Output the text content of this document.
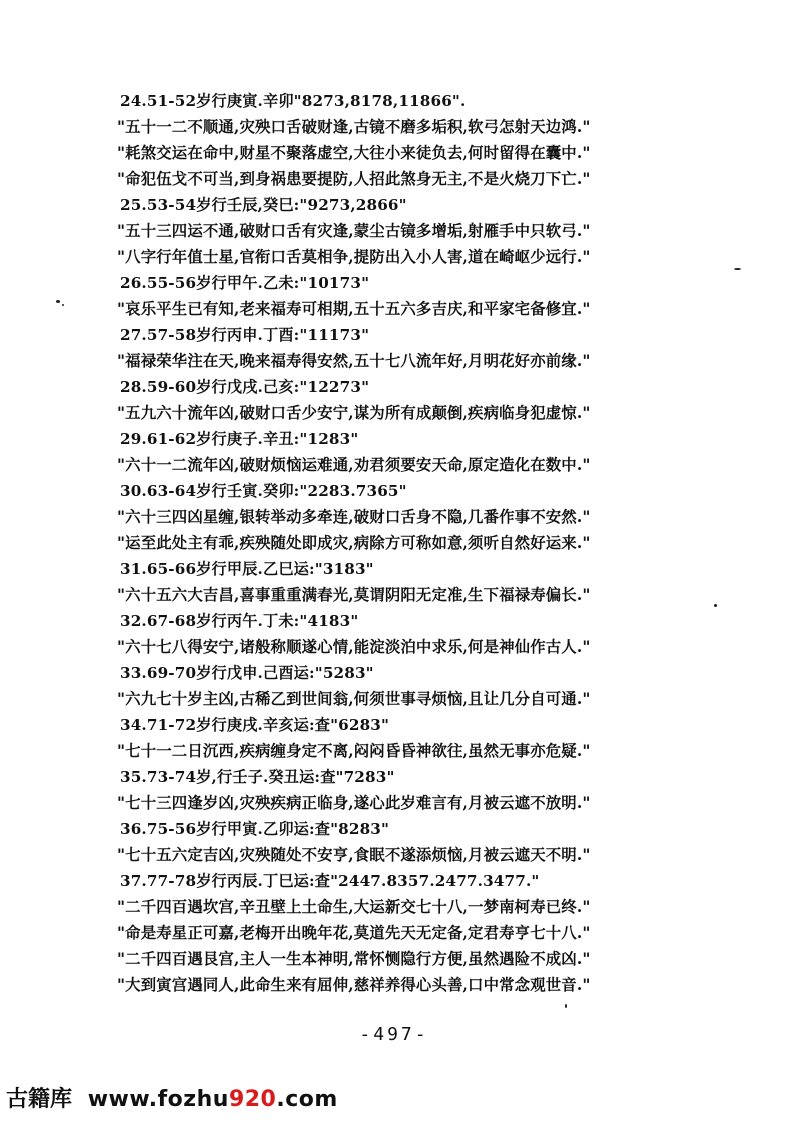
24.51-52岁行庚寅.辛卯"8273,8178,11866".
"五十一二不顺通,灾殃口舌破财逢,古镜不磨多垢积,软弓怎射天边鸿."
"耗煞交运在命中,财星不聚落虚空,大往小来徒负去,何时留得在囊中."
"命犯伍戈不可当,到身祸患要提防,人招此煞身无主,不是火烧刀下亡."
25.53-54岁行壬辰,癸巳:"9273,2866"
"五十三四运不通,破财口舌有灾逢,蒙尘古镜多增垢,射雁手中只软弓."
"八字行年值士星,官衔口舌莫相争,提防出入小人害,道在崎岖少远行."
26.55-56岁行甲午.乙未:"10173"
"哀乐平生已有知,老来福寿可相期,五十五六多吉庆,和平家宅备修宜."
27.57-58岁行丙申.丁酉:"11173"
"福禄荣华注在天,晚来福寿得安然,五十七八流年好,月明花好亦前缘."
28.59-60岁行戊戌.己亥:"12273"
"五九六十流年凶,破财口舌少安宁,谋为所有成颠倒,疾病临身犯虚惊."
29.61-62岁行庚子.辛丑:"1283"
"六十一二流年凶,破财烦恼运难通,劝君须要安天命,原定造化在数中."
30.63-64岁行壬寅.癸卯:"2283.7365"
"六十三四凶星缠,银转举动多牵连,破财口舌身不隐,几番作事不安然."
"运至此处主有乖,疾殃随处即成灾,病除方可称如意,须听自然好运来."
31.65-66岁行甲辰.乙巳运:"3183"
"六十五六大吉昌,喜事重重满春光,莫谓阴阳无定准,生下福禄寿偏长."
32.67-68岁行丙午.丁未:"4183"
"六十七八得安宁,诸般称顺遂心情,能淀淡泊中求乐,何是神仙作古人."
33.69-70岁行戊申.己酉运:"5283"
"六九七十岁主凶,古稀乙到世间翁,何须世事寻烦恼,且让几分自可通."
34.71-72岁行庚戌.辛亥运:查"6283"
"七十一二日沉西,疾病缠身定不离,闷闷昏昏神欲往,虽然无事亦危疑."
35.73-74岁,行壬子.癸丑运:查"7283"
"七十三四逢岁凶,灾殃疾病正临身,遂心此岁难言有,月被云遮不放明."
36.75-56岁行甲寅.乙卯运:查"8283"
"七十五六定吉凶,灾殃随处不安亨,食眠不遂添烦恼,月被云遮天不明."
37.77-78岁行丙辰.丁巳运:查"2447.8357.2477.3477."
"二千四百遇坎宫,辛丑壁上土命生,大运新交七十八,一梦南柯寿已终."
"命是寿星正可嘉,老梅开出晚年花,莫道先天无定备,定君寿亨七十八."
"二千四百遇艮宫,主人一生本神明,常怀恻隐行方便,虽然遇险不成凶."
"大到寅宫遇同人,此命生来有屈伸,慈祥养得心头善,口中常念观世音."
-497-
古籍库 www.fozhu920.com
